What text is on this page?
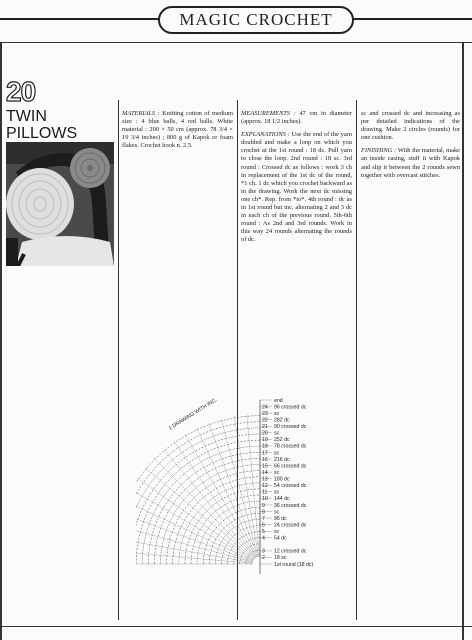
MAGIC CROCHET
20
TWIN
PILLOWS

MATERIALS : Knitting cotton of medium size : 4 blue balls, 4 red balls. White material : 200 × 50 cm (approx. 78 3/4 × 19 3/4 inches) ; 800 g of Kapok or foam flakes. Crochet hook n. 2.5.

MEASUREMENTS : 47 cm in diameter (approx. 18 1/2 inches).

EXPLANATIONS : Use the end of the yarn doubled and make a loop on which you crochet at the 1st round : 18 dc. Pull yarn to close the loop. 2nd round : 18 sc. 3rd round : Crossed dc as follows : work 3 ch in replacement of the 1st dc of the round, *1 ch. 1 dc which you crochet backward as in the drawing. Work the next dc missing one ch*. Rep. from *to*. 4th round : dc as in 1st round but inc. alternating 2 and 3 dc in each ch of the previous round. 5th-6th round : As 2nd and 3rd rounds. Work in this way 24 rounds alternating the rounds of dc.

sc and crossed dc and increasing as per detailed indications of the drawing. Make 2 circles (rounds) for one cushion.

FINISHING : With the material, make an inside casing, stuff it with Kapok and slip it between the 2 rounds sewn together with overcast stitches.

end
24 96 crossed dc
23 sc
22 282 dc
21 90 crossed dc
20 sc
19 252 dc
18 78 crossed dc
17 sc
16 216 dc
15 66 crossed dc
14 sc
13 180 dc
12 54 crossed dc
11 sc
10 144 dc
9 36 crossed dc
8 sc
7 96 dc
6 24 crossed dc
5 sc
4 54 dc
3 12 crossed dc
2 18 sc
1st round (18 dc)
1 DRAWING WITH INC.
